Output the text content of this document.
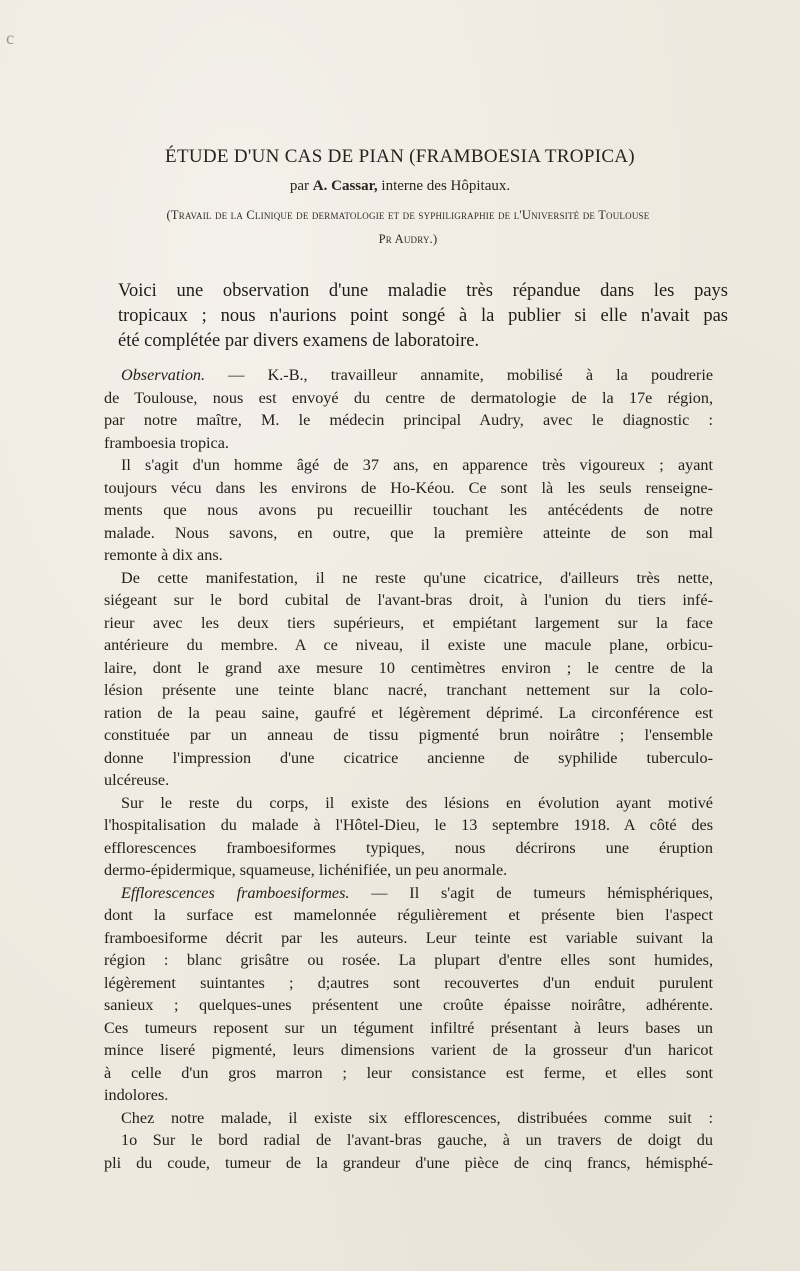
c
ÉTUDE D'UN CAS DE PIAN (FRAMBOESIA TROPICA)
par A. Cassar, interne des Hôpitaux.
(Travail de la Clinique de dermatologie et de syphiligraphie de l'Université de Toulouse
Pr Audry.)
Voici une observation d'une maladie très répandue dans les pays
tropicaux ; nous n'aurions point songé à la publier si elle n'avait pas
été complétée par divers examens de laboratoire.
Observation. — K.-B., travailleur annamite, mobilisé à la poudrerie
de Toulouse, nous est envoyé du centre de dermatologie de la 17e région,
par notre maître, M. le médecin principal Audry, avec le diagnostic :
framboesia tropica.
Il s'agit d'un homme âgé de 37 ans, en apparence très vigoureux ; ayant
toujours vécu dans les environs de Ho-Kéou. Ce sont là les seuls renseigne-
ments que nous avons pu recueillir touchant les antécédents de notre
malade. Nous savons, en outre, que la première atteinte de son mal
remonte à dix ans.
De cette manifestation, il ne reste qu'une cicatrice, d'ailleurs très nette,
siégeant sur le bord cubital de l'avant-bras droit, à l'union du tiers infé-
rieur avec les deux tiers supérieurs, et empiétant largement sur la face
antérieure du membre. A ce niveau, il existe une macule plane, orbicu-
laire, dont le grand axe mesure 10 centimètres environ ; le centre de la
lésion présente une teinte blanc nacré, tranchant nettement sur la colo-
ration de la peau saine, gaufré et légèrement déprimé. La circonférence est
constituée par un anneau de tissu pigmenté brun noirâtre ; l'ensemble
donne l'impression d'une cicatrice ancienne de syphilide tuberculo-
ulcéreuse.
Sur le reste du corps, il existe des lésions en évolution ayant motivé
l'hospitalisation du malade à l'Hôtel-Dieu, le 13 septembre 1918. A côté des
efflorescences framboesiformes typiques, nous décrirons une éruption
dermo-épidermique, squameuse, lichénifiée, un peu anormale.
Efflorescences framboesiformes. — Il s'agit de tumeurs hémisphériques,
dont la surface est mamelonnée régulièrement et présente bien l'aspect
framboesiforme décrit par les auteurs. Leur teinte est variable suivant la
région : blanc grisâtre ou rosée. La plupart d'entre elles sont humides,
légèrement suintantes ; d;autres sont recouvertes d'un enduit purulent
sanieux ; quelques-unes présentent une croûte épaisse noirâtre, adhérente.
Ces tumeurs reposent sur un tégument infiltré présentant à leurs bases un
mince liseré pigmenté, leurs dimensions varient de la grosseur d'un haricot
à celle d'un gros marron ; leur consistance est ferme, et elles sont
indolores.
Chez notre malade, il existe six efflorescences, distribuées comme suit :
1o Sur le bord radial de l'avant-bras gauche, à un travers de doigt du
pli du coude, tumeur de la grandeur d'une pièce de cinq francs, hémisphé-
